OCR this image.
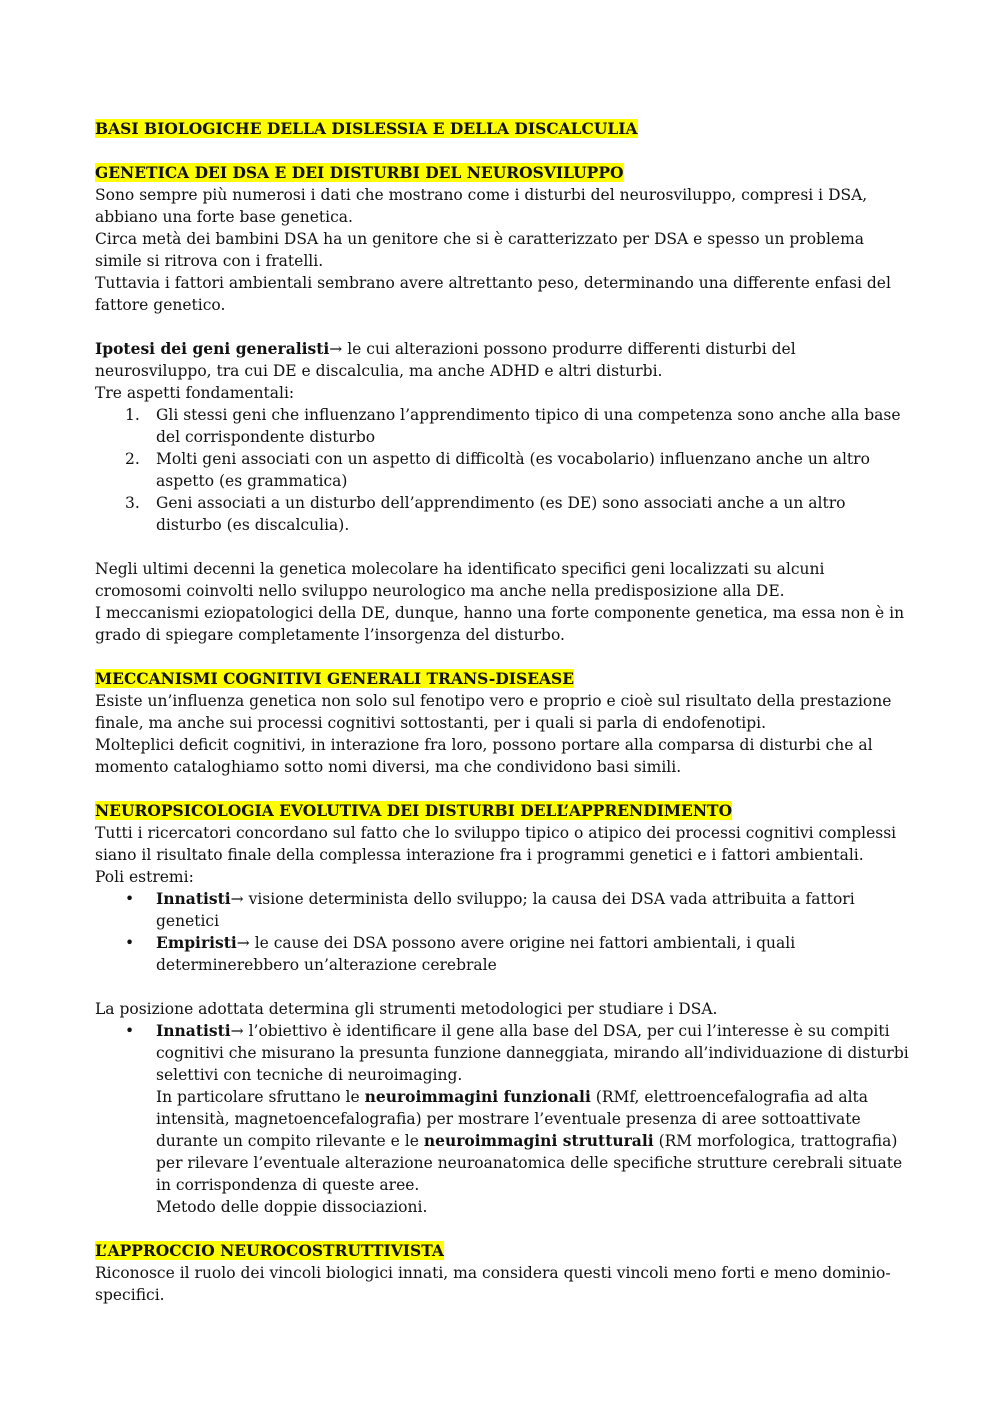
BASI BIOLOGICHE DELLA DISLESSIA E DELLA DISCALCULIA
GENETICA DEI DSA E DEI DISTURBI DEL NEUROSVILUPPO

Sono sempre più numerosi i dati che mostrano come i disturbi del neurosviluppo, compresi i DSA, abbiano una forte base genetica.

Circa metà dei bambini DSA ha un genitore che si è caratterizzato per DSA e spesso un problema simile si ritrova con i fratelli.

Tuttavia i fattori ambientali sembrano avere altrettanto peso, determinando una differente enfasi del fattore genetico.

Ipotesi dei geni generalisti→ le cui alterazioni possono produrre differenti disturbi del neurosviluppo, tra cui DE e discalculia, ma anche ADHD e altri disturbi.

Tre aspetti fondamentali:

1. Gli stessi geni che influenzano l’apprendimento tipico di una competenza sono anche alla base del corrispondente disturbo
2. Molti geni associati con un aspetto di difficoltà (es vocabolario) influenzano anche un altro aspetto (es grammatica)
3. Geni associati a un disturbo dell’apprendimento (es DE) sono associati anche a un altro disturbo (es discalculia).

Negli ultimi decenni la genetica molecolare ha identificato specifici geni localizzati su alcuni cromosomi coinvolti nello sviluppo neurologico ma anche nella predisposizione alla DE.

I meccanismi eziopatologici della DE, dunque, hanno una forte componente genetica, ma essa non è in grado di spiegare completamente l’insorgenza del disturbo.

MECCANISMI COGNITIVI GENERALI TRANS-DISEASE

Esiste un’influenza genetica non solo sul fenotipo vero e proprio e cioè sul risultato della prestazione finale, ma anche sui processi cognitivi sottostanti, per i quali si parla di endofenotipi.

Molteplici deficit cognitivi, in interazione fra loro, possono portare alla comparsa di disturbi che al momento cataloghiamo sotto nomi diversi, ma che condividono basi simili.

NEUROPSICOLOGIA EVOLUTIVA DEI DISTURBI DELL’APPRENDIMENTO

Tutti i ricercatori concordano sul fatto che lo sviluppo tipico o atipico dei processi cognitivi complessi siano il risultato finale della complessa interazione fra i programmi genetici e i fattori ambientali.

Poli estremi:

• Innatisti→ visione determinista dello sviluppo; la causa dei DSA vada attribuita a fattori genetici
• Empiristi→ le cause dei DSA possono avere origine nei fattori ambientali, i quali determinerebbero un’alterazione cerebrale

La posizione adottata determina gli strumenti metodologici per studiare i DSA.

• Innatisti→ l’obiettivo è identificare il gene alla base del DSA, per cui l’interesse è su compiti cognitivi che misurano la presunta funzione danneggiata, mirando all’individuazione di disturbi selettivi con tecniche di neuroimaging.
In particolare sfruttano le neuroimmagini funzionali (RMf, elettroencefalografia ad alta intensità, magnetoencefalografia) per mostrare l’eventuale presenza di aree sottoattivate durante un compito rilevante e le neuroimmagini strutturali (RM morfologica, trattografia) per rilevare l’eventuale alterazione neuroanatomica delle specifiche strutture cerebrali situate in corrispondenza di queste aree.
Metodo delle doppie dissociazioni.
L’APPROCCIO NEUROCOSTRUTTIVISTA

Riconosce il ruolo dei vincoli biologici innati, ma considera questi vincoli meno forti e meno dominio-specifici.
